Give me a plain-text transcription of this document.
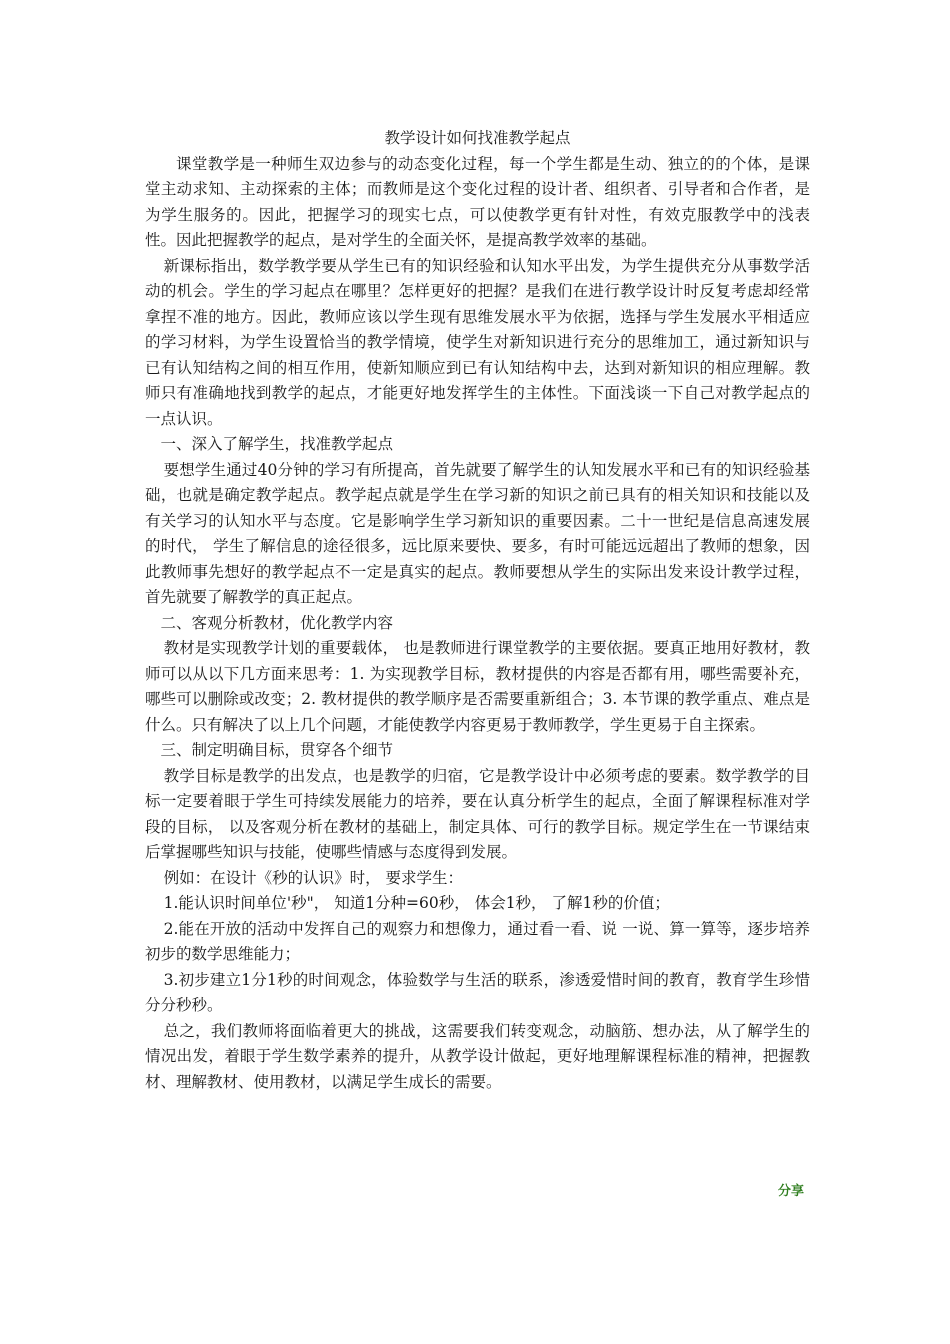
教学设计如何找准教学起点

课堂教学是一种师生双边参与的动态变化过程，每一个学生都是生动、独立的的个体，是课堂主动求知、主动探索的主体；而教师是这个变化过程的设计者、组织者、引导者和合作者，是为学生服务的。因此，把握学习的现实七点，可以使教学更有针对性，有效克服教学中的浅表性。因此把握教学的起点，是对学生的全面关怀，是提高教学效率的基础。

新课标指出，数学教学要从学生已有的知识经验和认知水平出发，为学生提供充分从事数学活动的机会。学生的学习起点在哪里？怎样更好的把握？是我们在进行教学设计时反复考虑却经常拿捏不准的地方。因此，教师应该以学生现有思维发展水平为依据，选择与学生发展水平相适应的学习材料，为学生设置恰当的教学情境，使学生对新知识进行充分的思维加工，通过新知识与已有认知结构之间的相互作用，使新知顺应到已有认知结构中去，达到对新知识的相应理解。教师只有准确地找到教学的起点，才能更好地发挥学生的主体性。下面浅谈一下自己对教学起点的一点认识。

一、深入了解学生，找准教学起点

要想学生通过40分钟的学习有所提高，首先就要了解学生的认知发展水平和已有的知识经验基础，也就是确定教学起点。教学起点就是学生在学习新的知识之前已具有的相关知识和技能以及有关学习的认知水平与态度。它是影响学生学习新知识的重要因素。二十一世纪是信息高速发展的时代， 学生了解信息的途径很多，远比原来要快、要多，有时可能远远超出了教师的想象，因此教师事先想好的教学起点不一定是真实的起点。教师要想从学生的实际出发来设计教学过程，首先就要了解教学的真正起点。

二、客观分析教材，优化教学内容

教材是实现教学计划的重要载体， 也是教师进行课堂教学的主要依据。要真正地用好教材，教师可以从以下几方面来思考：1. 为实现教学目标，教材提供的内容是否都有用，哪些需要补充，哪些可以删除或改变；2. 教材提供的教学顺序是否需要重新组合；3. 本节课的教学重点、难点是什么。只有解决了以上几个问题，才能使教学内容更易于教师教学，学生更易于自主探索。

三、制定明确目标，贯穿各个细节

教学目标是教学的出发点，也是教学的归宿，它是教学设计中必须考虑的要素。数学教学的目标一定要着眼于学生可持续发展能力的培养，要在认真分析学生的起点，全面了解课程标准对学段的目标， 以及客观分析在教材的基础上，制定具体、可行的教学目标。规定学生在一节课结束后掌握哪些知识与技能，使哪些情感与态度得到发展。

例如：在设计《秒的认识》时， 要求学生：

1.能认识时间单位'秒"， 知道1分种=60秒， 体会1秒， 了解1秒的价值；

2.能在开放的活动中发挥自己的观察力和想像力，通过看一看、说 一说、算一算等，逐步培养初步的数学思维能力；

3.初步建立1分1秒的时间观念，体验数学与生活的联系，渗透爱惜时间的教育，教育学生珍惜分分秒秒。

总之，我们教师将面临着更大的挑战，这需要我们转变观念，动脑筋、想办法，从了解学生的情况出发，着眼于学生数学素养的提升，从教学设计做起，更好地理解课程标准的精神，把握教材、理解教材、使用教材，以满足学生成长的需要。

分享
